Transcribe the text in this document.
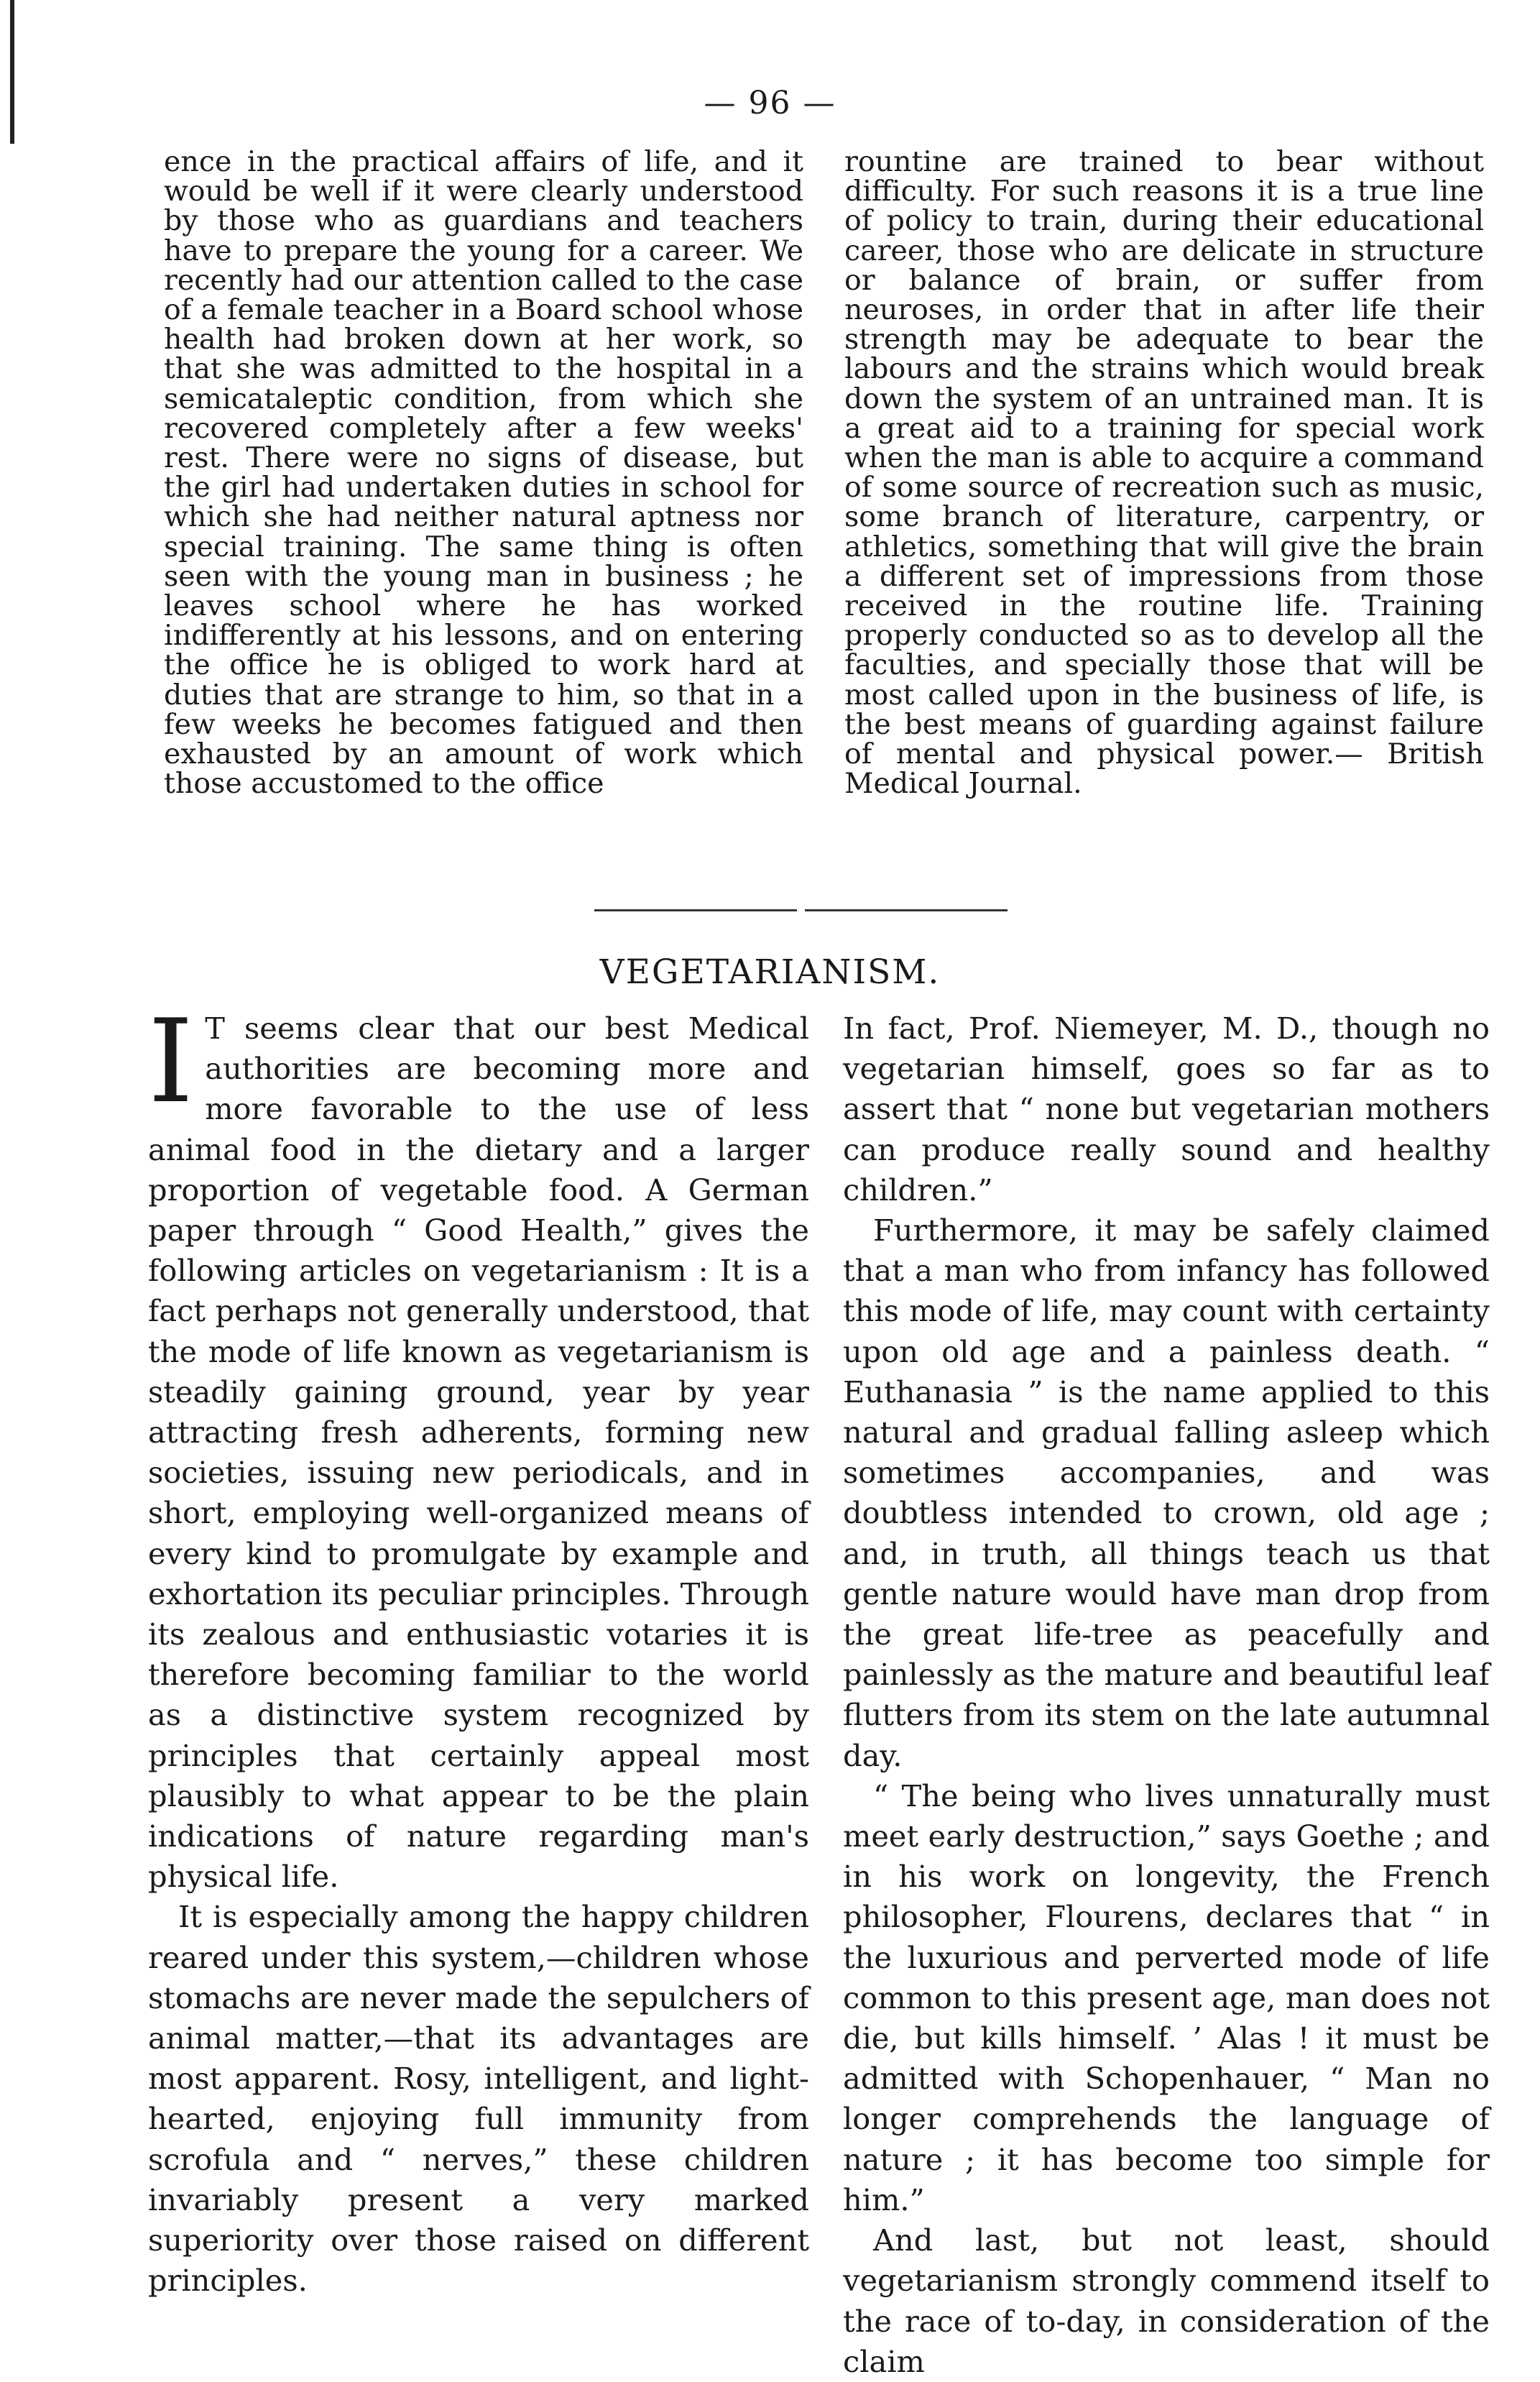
— 96 —

ence in the practical affairs of life, and it would be well if it were clearly understood by those who as guardians and teachers have to prepare the young for a career. We recently had our attention called to the case of a female teacher in a Board school whose health had broken down at her work, so that she was admitted to the hospital in a semicataleptic condition, from which she recovered completely after a few weeks' rest. There were no signs of disease, but the girl had undertaken duties in school for which she had neither natural aptness nor special training. The same thing is often seen with the young man in business ; he leaves school where he has worked indifferently at his lessons, and on entering the office he is obliged to work hard at duties that are strange to him, so that in a few weeks he becomes fatigued and then exhausted by an amount of work which those accustomed to the office

rountine are trained to bear without difficulty. For such reasons it is a true line of policy to train, during their educational career, those who are delicate in structure or balance of brain, or suffer from neuroses, in order that in after life their strength may be adequate to bear the labours and the strains which would break down the system of an untrained man. It is a great aid to a training for special work when the man is able to acquire a command of some source of recreation such as music, some branch of literature, carpentry, or athletics, something that will give the brain a different set of impressions from those received in the routine life. Training properly conducted so as to develop all the faculties, and specially those that will be most called upon in the business of life, is the best means of guarding against failure of mental and physical power.— British Medical Journal.

VEGETARIANISM.

I T seems clear that our best Medical authorities are becoming more and more favorable to the use of less animal food in the dietary and a larger proportion of vegetable food. A German paper through “ Good Health,” gives the following articles on vegetarianism : It is a fact perhaps not generally understood, that the mode of life known as vegetarianism is steadily gaining ground, year by year attracting fresh adherents, forming new societies, issuing new periodicals, and in short, employing well-organized means of every kind to promulgate by example and exhortation its peculiar principles. Through its zealous and enthusiastic votaries it is therefore becoming familiar to the world as a distinctive system recognized by principles that certainly appeal most plausibly to what appear to be the plain indications of nature regarding man's physical life.

It is especially among the happy children reared under this system,—children whose stomachs are never made the sepulchers of animal matter,—that its advantages are most apparent. Rosy, intelligent, and light-hearted, enjoying full immunity from scrofula and “ nerves,” these children invariably present a very marked superiority over those raised on different principles.

In fact, Prof. Niemeyer, M. D., though no vegetarian himself, goes so far as to assert that “ none but vegetarian mothers can produce really sound and healthy children.”

Furthermore, it may be safely claimed that a man who from infancy has followed this mode of life, may count with certainty upon old age and a painless death. “ Euthanasia ” is the name applied to this natural and gradual falling asleep which sometimes accompanies, and was doubtless intended to crown, old age ; and, in truth, all things teach us that gentle nature would have man drop from the great life-tree as peacefully and painlessly as the mature and beautiful leaf flutters from its stem on the late autumnal day.

“ The being who lives unnaturally must meet early destruction,” says Goethe ; and in his work on longevity, the French philosopher, Flourens, declares that “ in the luxurious and perverted mode of life common to this present age, man does not die, but kills himself. ’ Alas ! it must be admitted with Schopenhauer, “ Man no longer comprehends the language of nature ; it has become too simple for him.”

And last, but not least, should vegetarianism strongly commend itself to the race of to-day, in consideration of the claim
